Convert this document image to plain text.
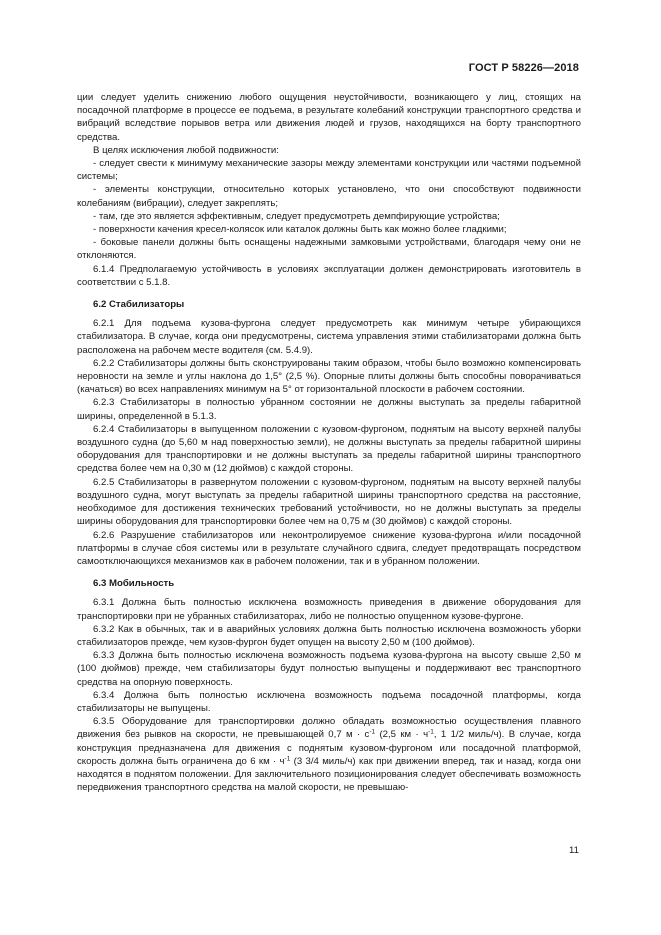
ГОСТ Р 58226—2018

ции следует уделить снижению любого ощущения неустойчивости, возникающего у лиц, стоящих на посадочной платформе в процессе ее подъема, в результате колебаний конструкции транспортного средства и вибраций вследствие порывов ветра или движения людей и грузов, находящихся на борту транспортного средства.

В целях исключения любой подвижности:

- следует свести к минимуму механические зазоры между элементами конструкции или частями подъемной системы;

- элементы конструкции, относительно которых установлено, что они способствуют подвижности колебаниям (вибрации), следует закреплять;

- там, где это является эффективным, следует предусмотреть демпфирующие устройства;

- поверхности качения кресел-колясок или каталок должны быть как можно более гладкими;

- боковые панели должны быть оснащены надежными замковыми устройствами, благодаря чему они не отклоняются.

6.1.4 Предполагаемую устойчивость в условиях эксплуатации должен демонстрировать изготовитель в соответствии с 5.1.8.

6.2 Стабилизаторы

6.2.1 Для подъема кузова-фургона следует предусмотреть как минимум четыре убирающихся стабилизатора. В случае, когда они предусмотрены, система управления этими стабилизаторами должна быть расположена на рабочем месте водителя (см. 5.4.9).

6.2.2 Стабилизаторы должны быть сконструированы таким образом, чтобы было возможно компенсировать неровности на земле и углы наклона до 1,5° (2,5 %). Опорные плиты должны быть способны поворачиваться (качаться) во всех направлениях минимум на 5° от горизонтальной плоскости в рабочем состоянии.

6.2.3 Стабилизаторы в полностью убранном состоянии не должны выступать за пределы габаритной ширины, определенной в 5.1.3.

6.2.4 Стабилизаторы в выпущенном положении с кузовом-фургоном, поднятым на высоту верхней палубы воздушного судна (до 5,60 м над поверхностью земли), не должны выступать за пределы габаритной ширины оборудования для транспортировки и не должны выступать за пределы габаритной ширины транспортного средства более чем на 0,30 м (12 дюймов) с каждой стороны.

6.2.5 Стабилизаторы в развернутом положении с кузовом-фургоном, поднятым на высоту верхней палубы воздушного судна, могут выступать за пределы габаритной ширины транспортного средства на расстояние, необходимое для достижения технических требований устойчивости, но не должны выступать за пределы ширины оборудования для транспортировки более чем на 0,75 м (30 дюймов) с каждой стороны.

6.2.6 Разрушение стабилизаторов или неконтролируемое снижение кузова-фургона и/или посадочной платформы в случае сбоя системы или в результате случайного сдвига, следует предотвращать посредством самоотключающихся механизмов как в рабочем положении, так и в убранном положении.

6.3 Мобильность

6.3.1 Должна быть полностью исключена возможность приведения в движение оборудования для транспортировки при не убранных стабилизаторах, либо не полностью опущенном кузове-фургоне.

6.3.2 Как в обычных, так и в аварийных условиях должна быть полностью исключена возможность уборки стабилизаторов прежде, чем кузов-фургон будет опущен на высоту 2,50 м (100 дюймов).

6.3.3 Должна быть полностью исключена возможность подъема кузова-фургона на высоту свыше 2,50 м (100 дюймов) прежде, чем стабилизаторы будут полностью выпущены и поддерживают вес транспортного средства на опорную поверхность.

6.3.4 Должна быть полностью исключена возможность подъема посадочной платформы, когда стабилизаторы не выпущены.

6.3.5 Оборудование для транспортировки должно обладать возможностью осуществления плавного движения без рывков на скорости, не превышающей 0,7 $м \cdot с^{-1}$ (2,5 км · $ч^{-1}$, 1 1/2 миль/ч). В случае, когда конструкция предназначена для движения с поднятым кузовом-фургоном или посадочной платформой, скорость должна быть ограничена до 6 км · $ч^{-1}$ (3 3/4 миль/ч) как при движении вперед, так и назад, когда они находятся в поднятом положении. Для заключительного позиционирования следует обеспечивать возможность передвижения транспортного средства на малой скорости, не превышаю-

11
